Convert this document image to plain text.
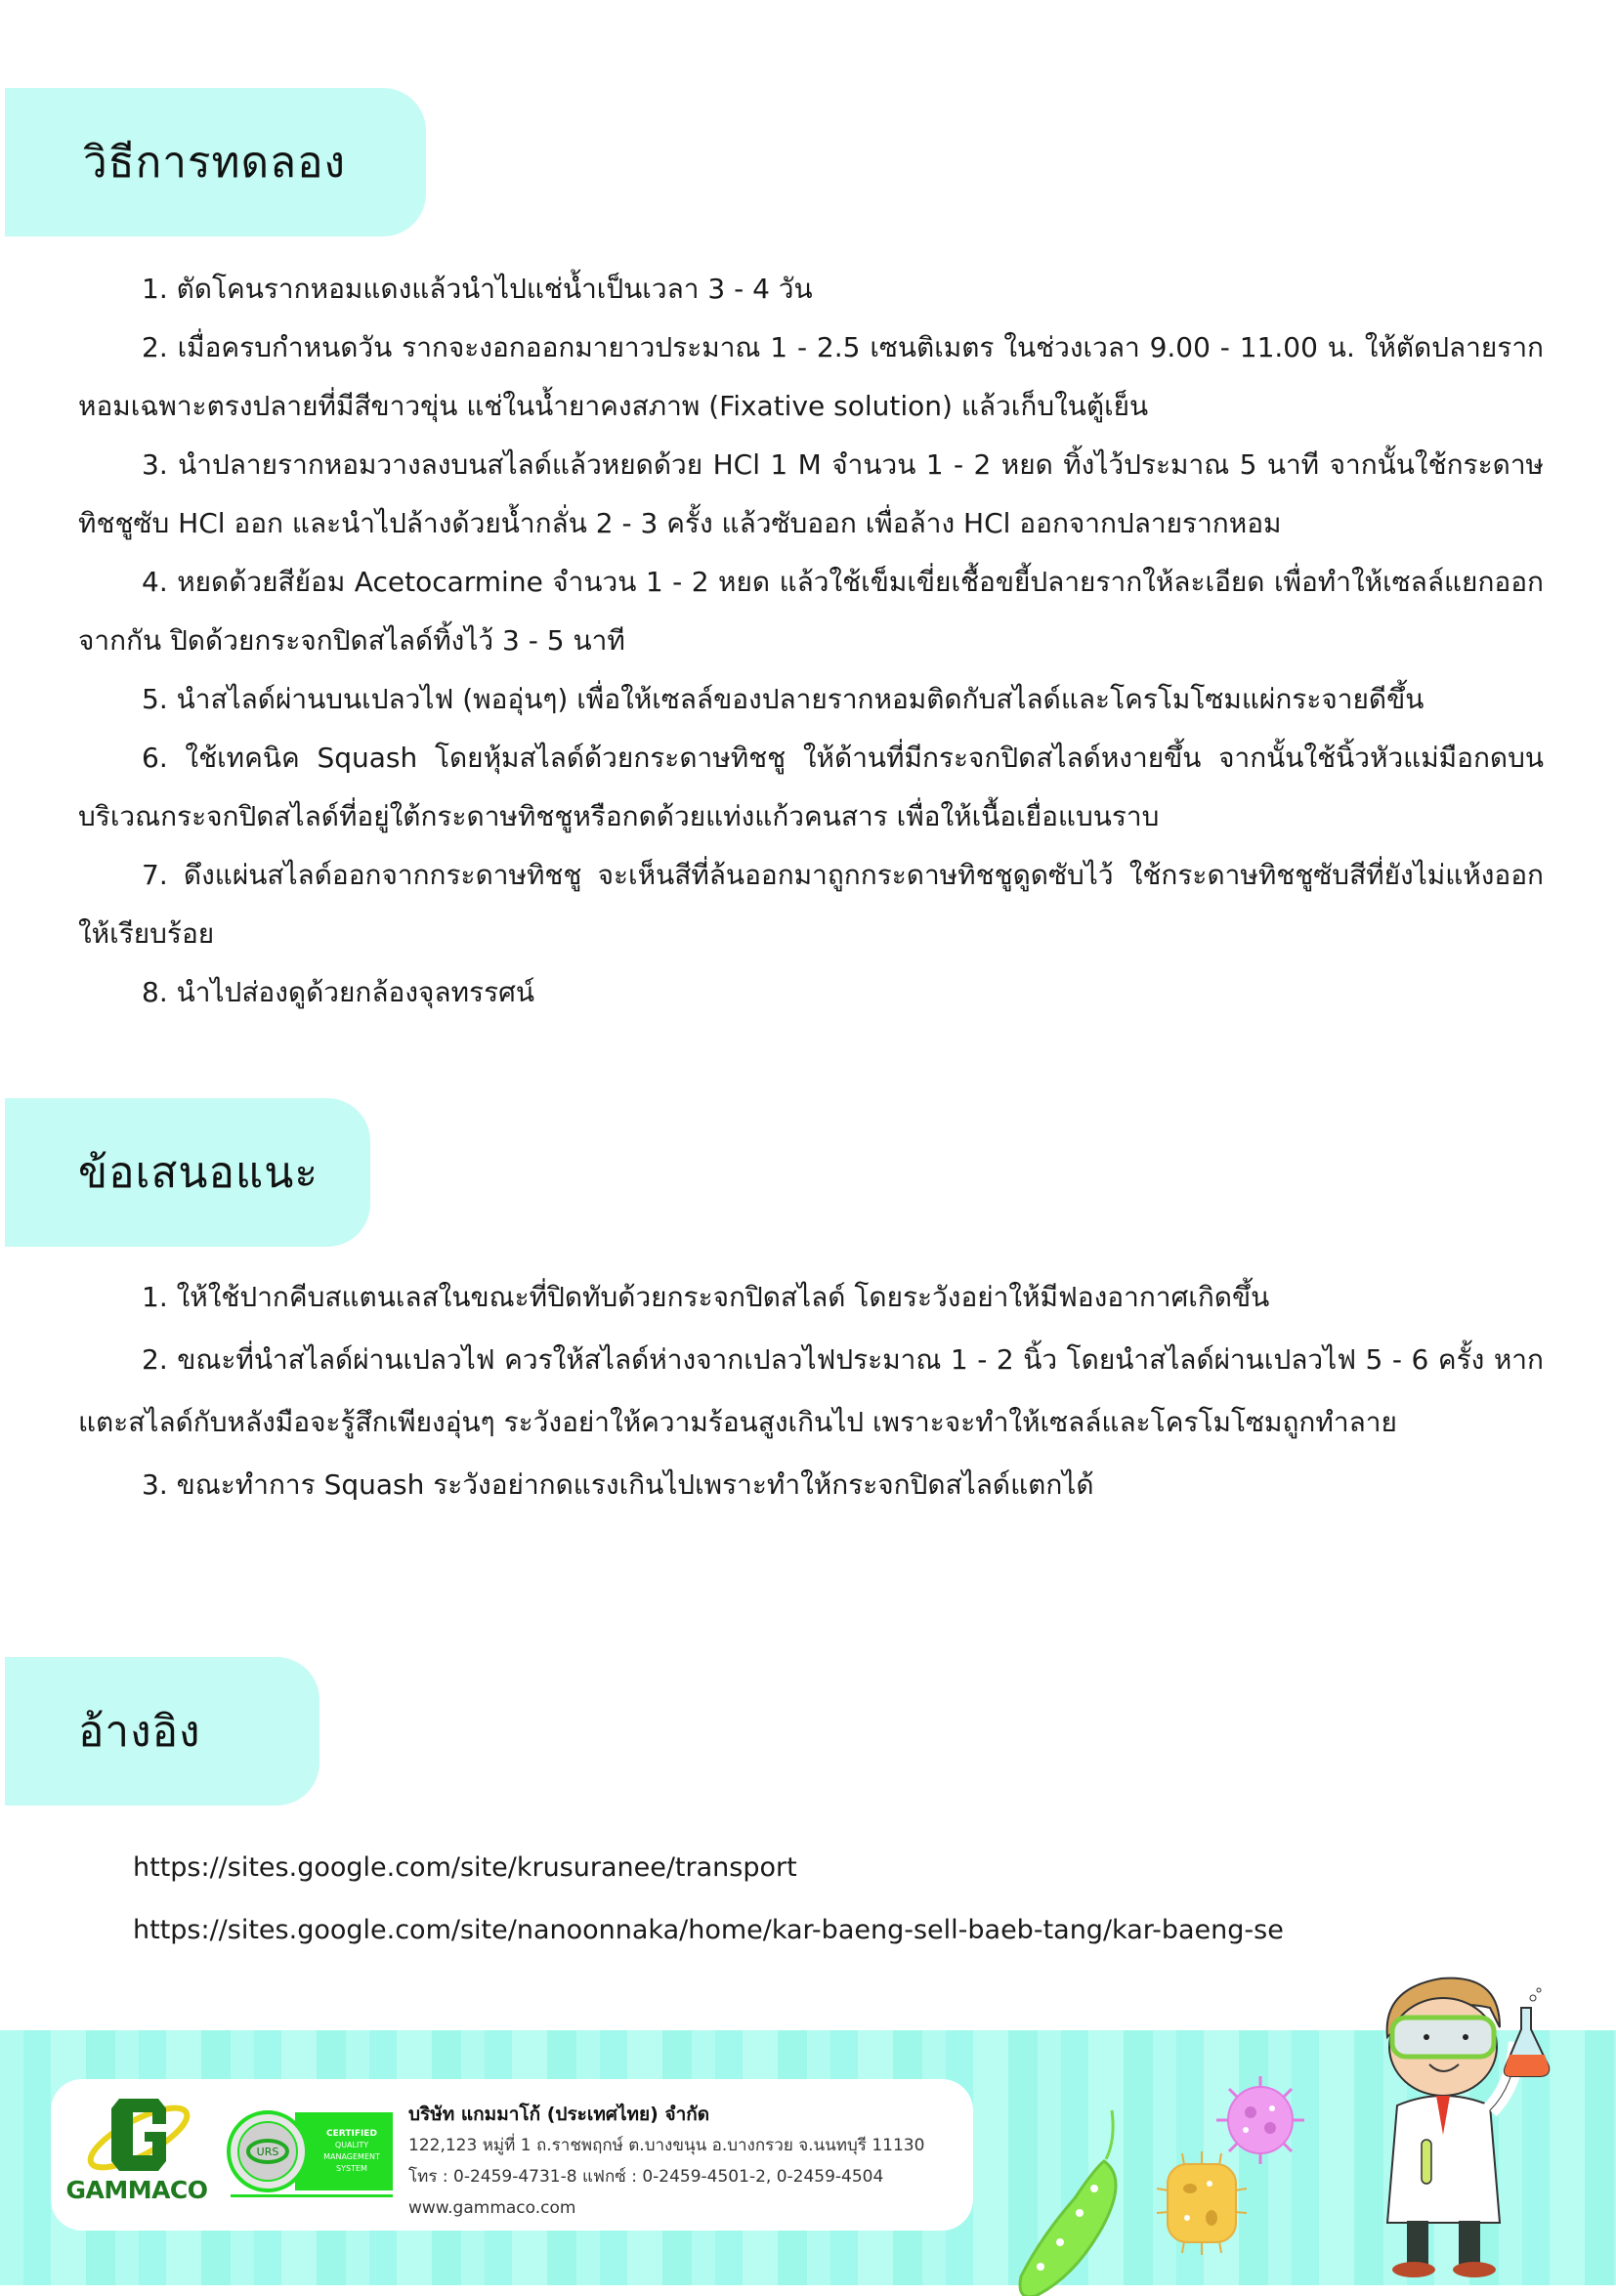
วิธีการทดลอง

1. ตัดโคนรากหอมแดงแล้วนำไปแช่น้ำเป็นเวลา 3 - 4 วัน

2. เมื่อครบกำหนดวัน รากจะงอกออกมายาวประมาณ 1 - 2.5 เซนติเมตร ในช่วงเวลา 9.00 - 11.00 น. ให้ตัดปลายรากหอมเฉพาะตรงปลายที่มีสีขาวขุ่น แช่ในน้ำยาคงสภาพ (Fixative solution) แล้วเก็บในตู้เย็น

3. นำปลายรากหอมวางลงบนสไลด์แล้วหยดด้วย HCl 1 M จำนวน 1 - 2 หยด ทิ้งไว้ประมาณ 5 นาที จากนั้นใช้กระดาษทิชชูซับ HCl ออก และนำไปล้างด้วยน้ำกลั่น 2 - 3 ครั้ง แล้วซับออก เพื่อล้าง HCl ออกจากปลายรากหอม

4. หยดด้วยสีย้อม Acetocarmine จำนวน 1 - 2 หยด แล้วใช้เข็มเขี่ยเชื้อขยี้ปลายรากให้ละเอียด เพื่อทำให้เซลล์แยกออกจากกัน ปิดด้วยกระจกปิดสไลด์ทิ้งไว้ 3 - 5 นาที

5. นำสไลด์ผ่านบนเปลวไฟ (พออุ่นๆ) เพื่อให้เซลล์ของปลายรากหอมติดกับสไลด์และโครโมโซมแผ่กระจายดีขึ้น

6. ใช้เทคนิค Squash โดยหุ้มสไลด์ด้วยกระดาษทิชชู ให้ด้านที่มีกระจกปิดสไลด์หงายขึ้น จากนั้นใช้นิ้วหัวแม่มือกดบนบริเวณกระจกปิดสไลด์ที่อยู่ใต้กระดาษทิชชูหรือกดด้วยแท่งแก้วคนสาร เพื่อให้เนื้อเยื่อแบนราบ

7. ดึงแผ่นสไลด์ออกจากกระดาษทิชชู จะเห็นสีที่ล้นออกมาถูกกระดาษทิชชูดูดซับไว้ ใช้กระดาษทิชชูซับสีที่ยังไม่แห้งออกให้เรียบร้อย

8. นำไปส่องดูด้วยกล้องจุลทรรศน์

ข้อเสนอแนะ

1. ให้ใช้ปากคีบสแตนเลสในขณะที่ปิดทับด้วยกระจกปิดสไลด์ โดยระวังอย่าให้มีฟองอากาศเกิดขึ้น

2. ขณะที่นำสไลด์ผ่านเปลวไฟ ควรให้สไลด์ห่างจากเปลวไฟประมาณ 1 - 2 นิ้ว โดยนำสไลด์ผ่านเปลวไฟ 5 - 6 ครั้ง หากแตะสไลด์กับหลังมือจะรู้สึกเพียงอุ่นๆ ระวังอย่าให้ความร้อนสูงเกินไป เพราะจะทำให้เซลล์และโครโมโซมถูกทำลาย

3. ขณะทำการ Squash ระวังอย่ากดแรงเกินไปเพราะทำให้กระจกปิดสไลด์แตกได้

อ้างอิง
https://sites.google.com/site/krusuranee/transport
https://sites.google.com/site/nanoonnaka/home/kar-baeng-sell-baeb-tang/kar-baeng-se
GAMMACO
URS
CERTIFIED
QUALITY
MANAGEMENT
SYSTEM
บริษัท แกมมาโก้ (ประเทศไทย) จำกัด
122,123 หมู่ที่ 1 ถ.ราชพฤกษ์ ต.บางขนุน อ.บางกรวย จ.นนทบุรี 11130
โทร : 0-2459-4731-8 แฟกซ์ : 0-2459-4501-2, 0-2459-4504
www.gammaco.com
